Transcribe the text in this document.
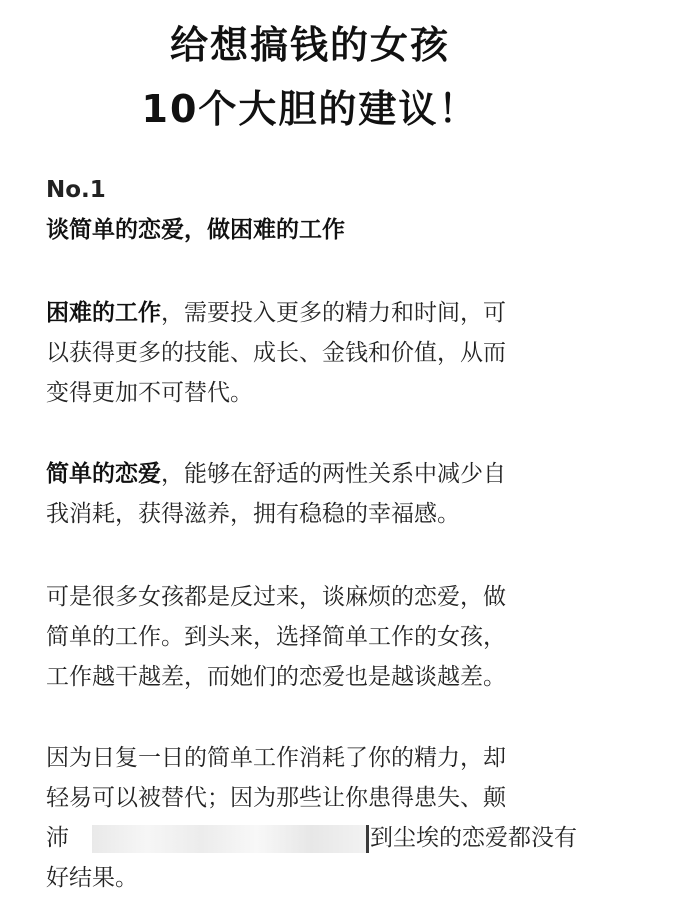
给想搞钱的女孩
10个大胆的建议！
No.1
谈简单的恋爱，做困难的工作
困难的工作，需要投入更多的精力和时间，可
以获得更多的技能、成长、金钱和价值，从而
变得更加不可替代。
简单的恋爱，能够在舒适的两性关系中减少自
我消耗，获得滋养，拥有稳稳的幸福感。
可是很多女孩都是反过来，谈麻烦的恋爱，做
简单的工作。到头来，选择简单工作的女孩，
工作越干越差，而她们的恋爱也是越谈越差。
因为日复一日的简单工作消耗了你的精力，却
轻易可以被替代；因为那些让你患得患失、颠
沛	到尘埃的恋爱都没有
好结果。
